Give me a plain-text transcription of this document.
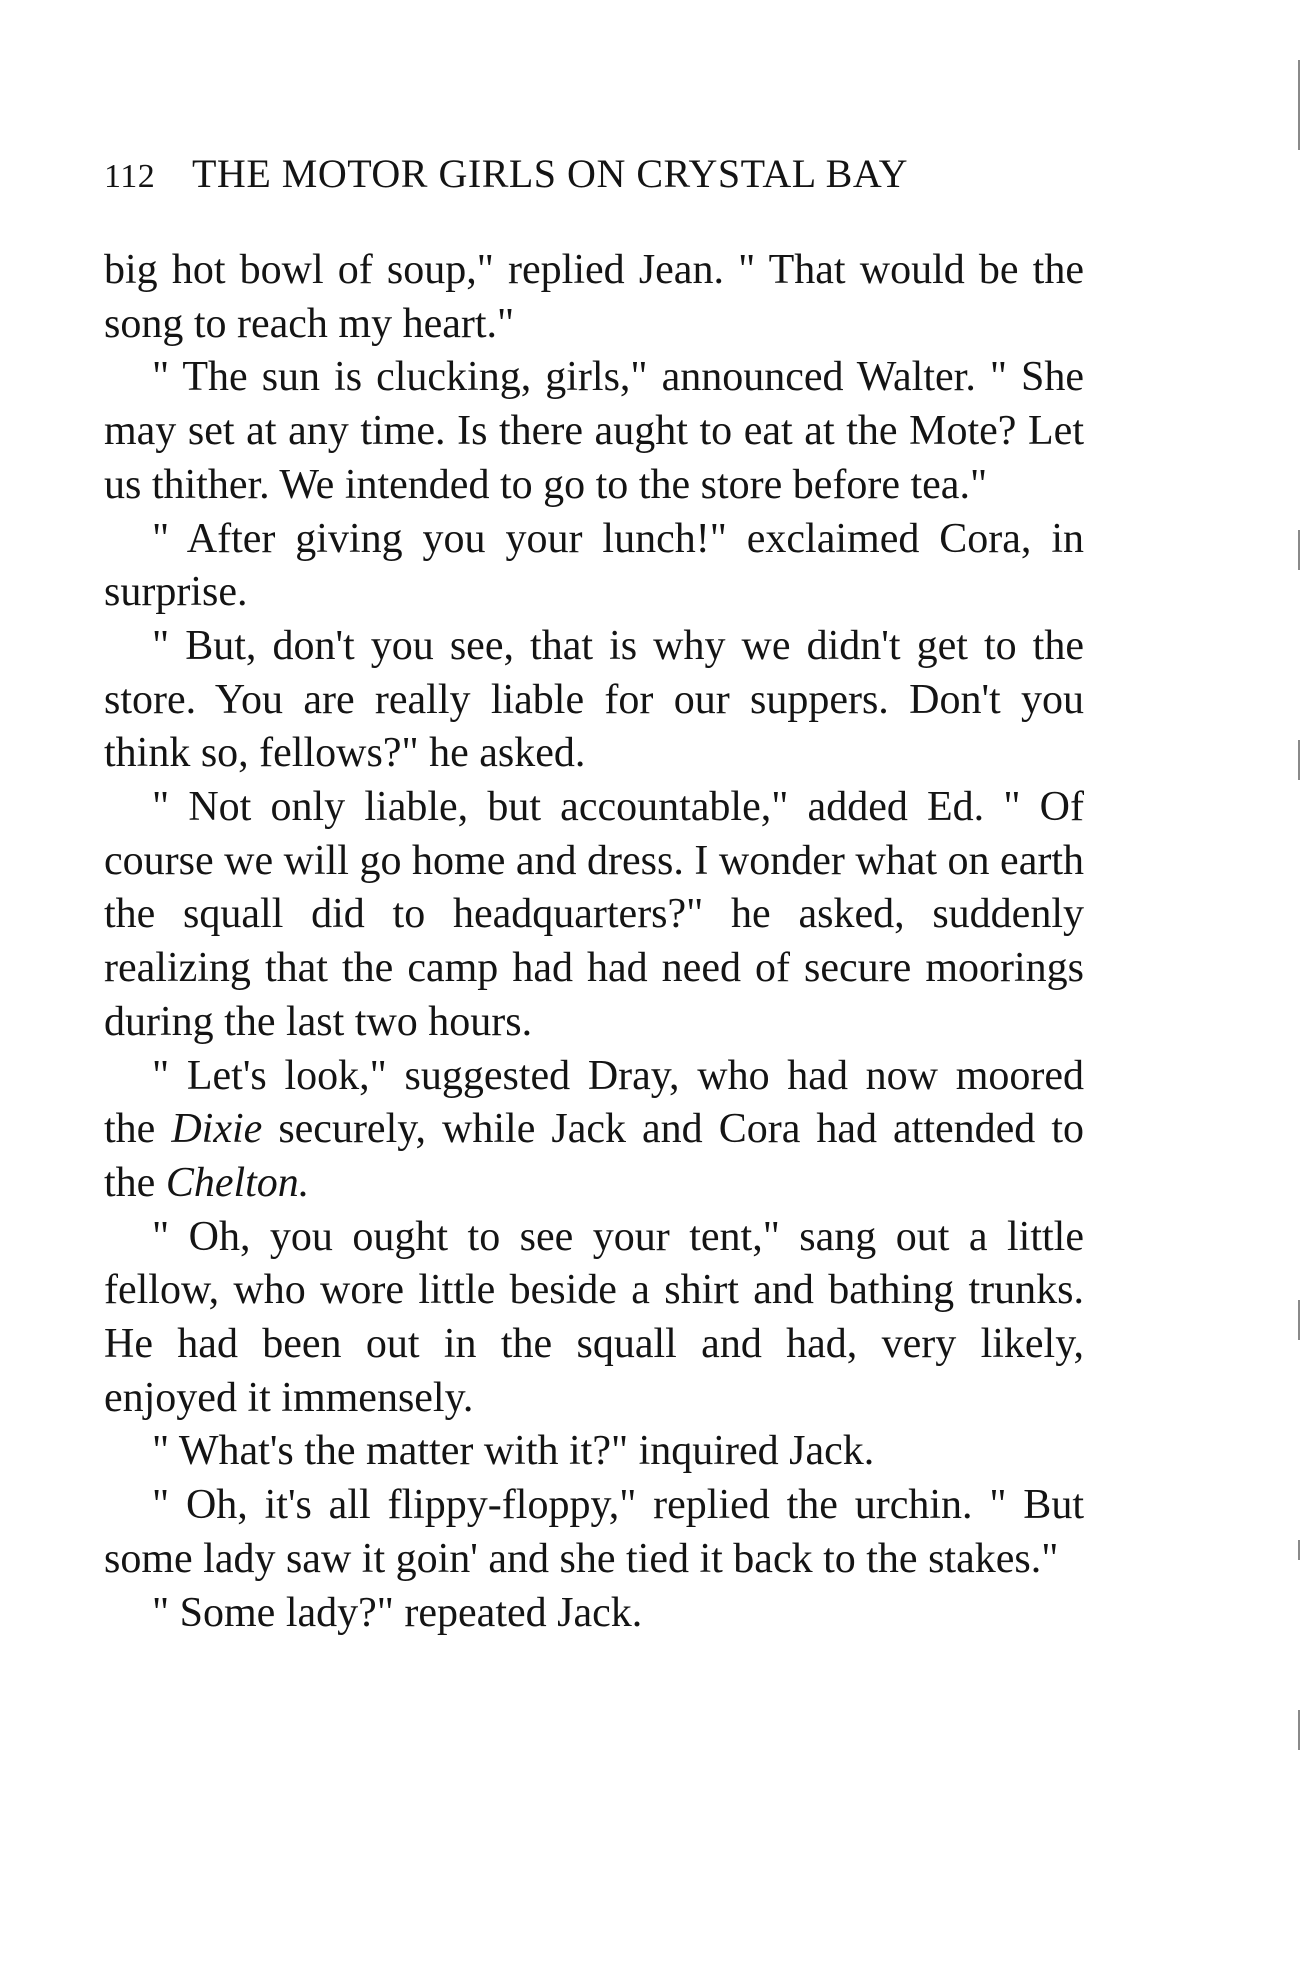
112 THE MOTOR GIRLS ON CRYSTAL BAY

big hot bowl of soup," replied Jean. " That would be the song to reach my heart."

" The sun is clucking, girls," announced Walter. " She may set at any time. Is there aught to eat at the Mote? Let us thither. We intended to go to the store before tea."

" After giving you your lunch!" exclaimed Cora, in surprise.

" But, don't you see, that is why we didn't get to the store. You are really liable for our suppers. Don't you think so, fellows?" he asked.

" Not only liable, but accountable," added Ed. " Of course we will go home and dress. I wonder what on earth the squall did to headquarters?" he asked, suddenly realizing that the camp had had need of secure moorings during the last two hours.

" Let's look," suggested Dray, who had now moored the Dixie securely, while Jack and Cora had attended to the Chelton.

" Oh, you ought to see your tent," sang out a little fellow, who wore little beside a shirt and bathing trunks. He had been out in the squall and had, very likely, enjoyed it immensely.

" What's the matter with it?" inquired Jack.

" Oh, it's all flippy-floppy," replied the urchin. " But some lady saw it goin' and she tied it back to the stakes."

" Some lady?" repeated Jack.
